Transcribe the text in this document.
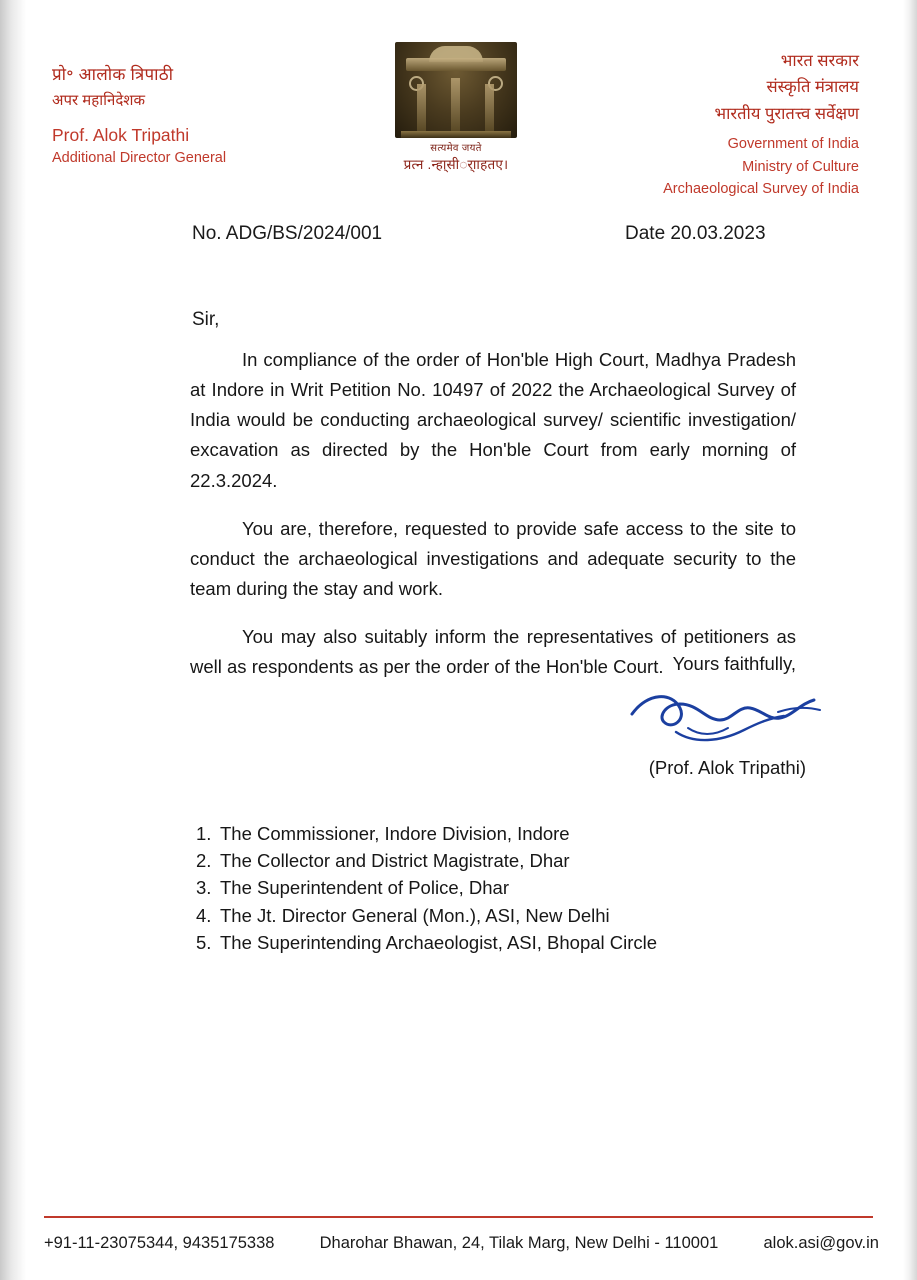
प्रो॰ आलोक त्रिपाठी
अपर महानिदेशक
Prof. Alok Tripathi
Additional Director General
सत्यमेव जयते
प्रत्न .न्हा्सीर्ााहतए।
भारत सरकार
संस्कृति मंत्रालय
भारतीय पुरातत्त्व सर्वेक्षण
Government of India
Ministry of Culture
Archaeological Survey of India
No. ADG/BS/2024/001	Date 20.03.2023
Sir,

In compliance of the order of Hon'ble High Court, Madhya Pradesh at Indore in Writ Petition No. 10497 of 2022 the Archaeological Survey of India would be conducting archaeological survey/ scientific investigation/ excavation as directed by the Hon'ble Court from early morning of 22.3.2024.

You are, therefore, requested to provide safe access to the site to conduct the archaeological investigations and adequate security to the team during the stay and work.

You may also suitably inform the representatives of petitioners as well as respondents as per the order of the Hon'ble Court. Yours faithfully,
(Prof. Alok Tripathi)
1. The Commissioner, Indore Division, Indore
2. The Collector and District Magistrate, Dhar
3. The Superintendent of Police, Dhar
4. The Jt. Director General (Mon.), ASI, New Delhi
5. The Superintending Archaeologist, ASI, Bhopal Circle
+91-11-23075344, 9435175338	Dharohar Bhawan, 24, Tilak Marg, New Delhi - 110001	alok.asi@gov.in
